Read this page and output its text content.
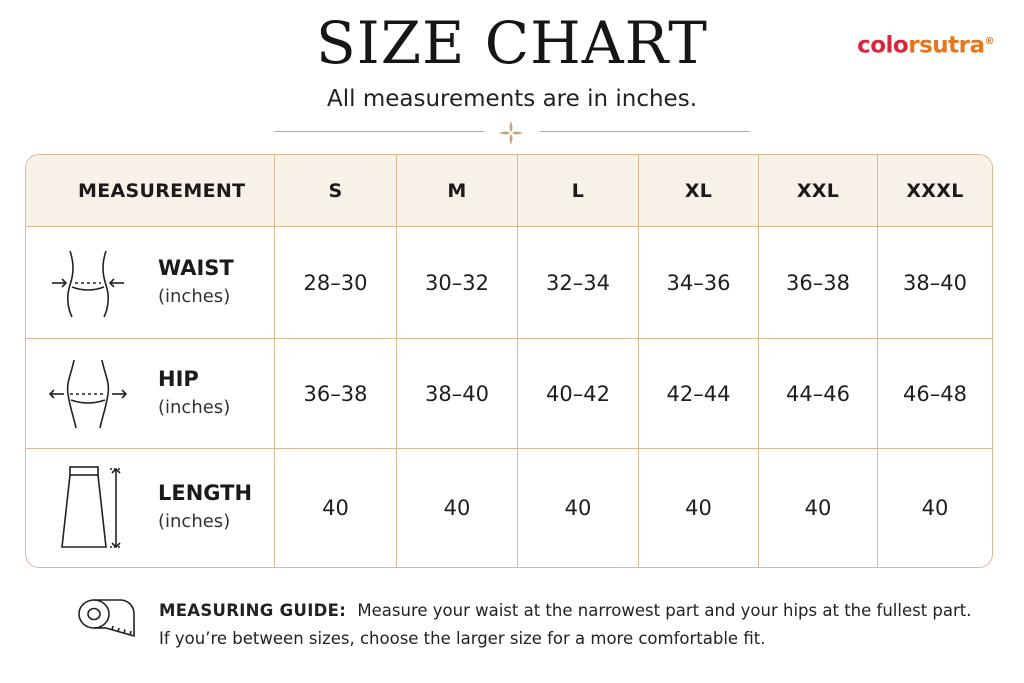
SIZE CHART	colorsutra®
All measurements are in inches.
MEASUREMENT	S	M	L	XL	XXL	XXXL
WAIST
(inches)
28–30	30–32	32–34	34–36	36–38	38–40
HIP
(inches)
36–38	38–40	40–42	42–44	44–46	46–48
LENGTH
(inches)
40	40	40	40	40	40
MEASURING GUIDE: Measure your waist at the narrowest part and your hips at the fullest part.
If you’re between sizes, choose the larger size for a more comfortable fit.
